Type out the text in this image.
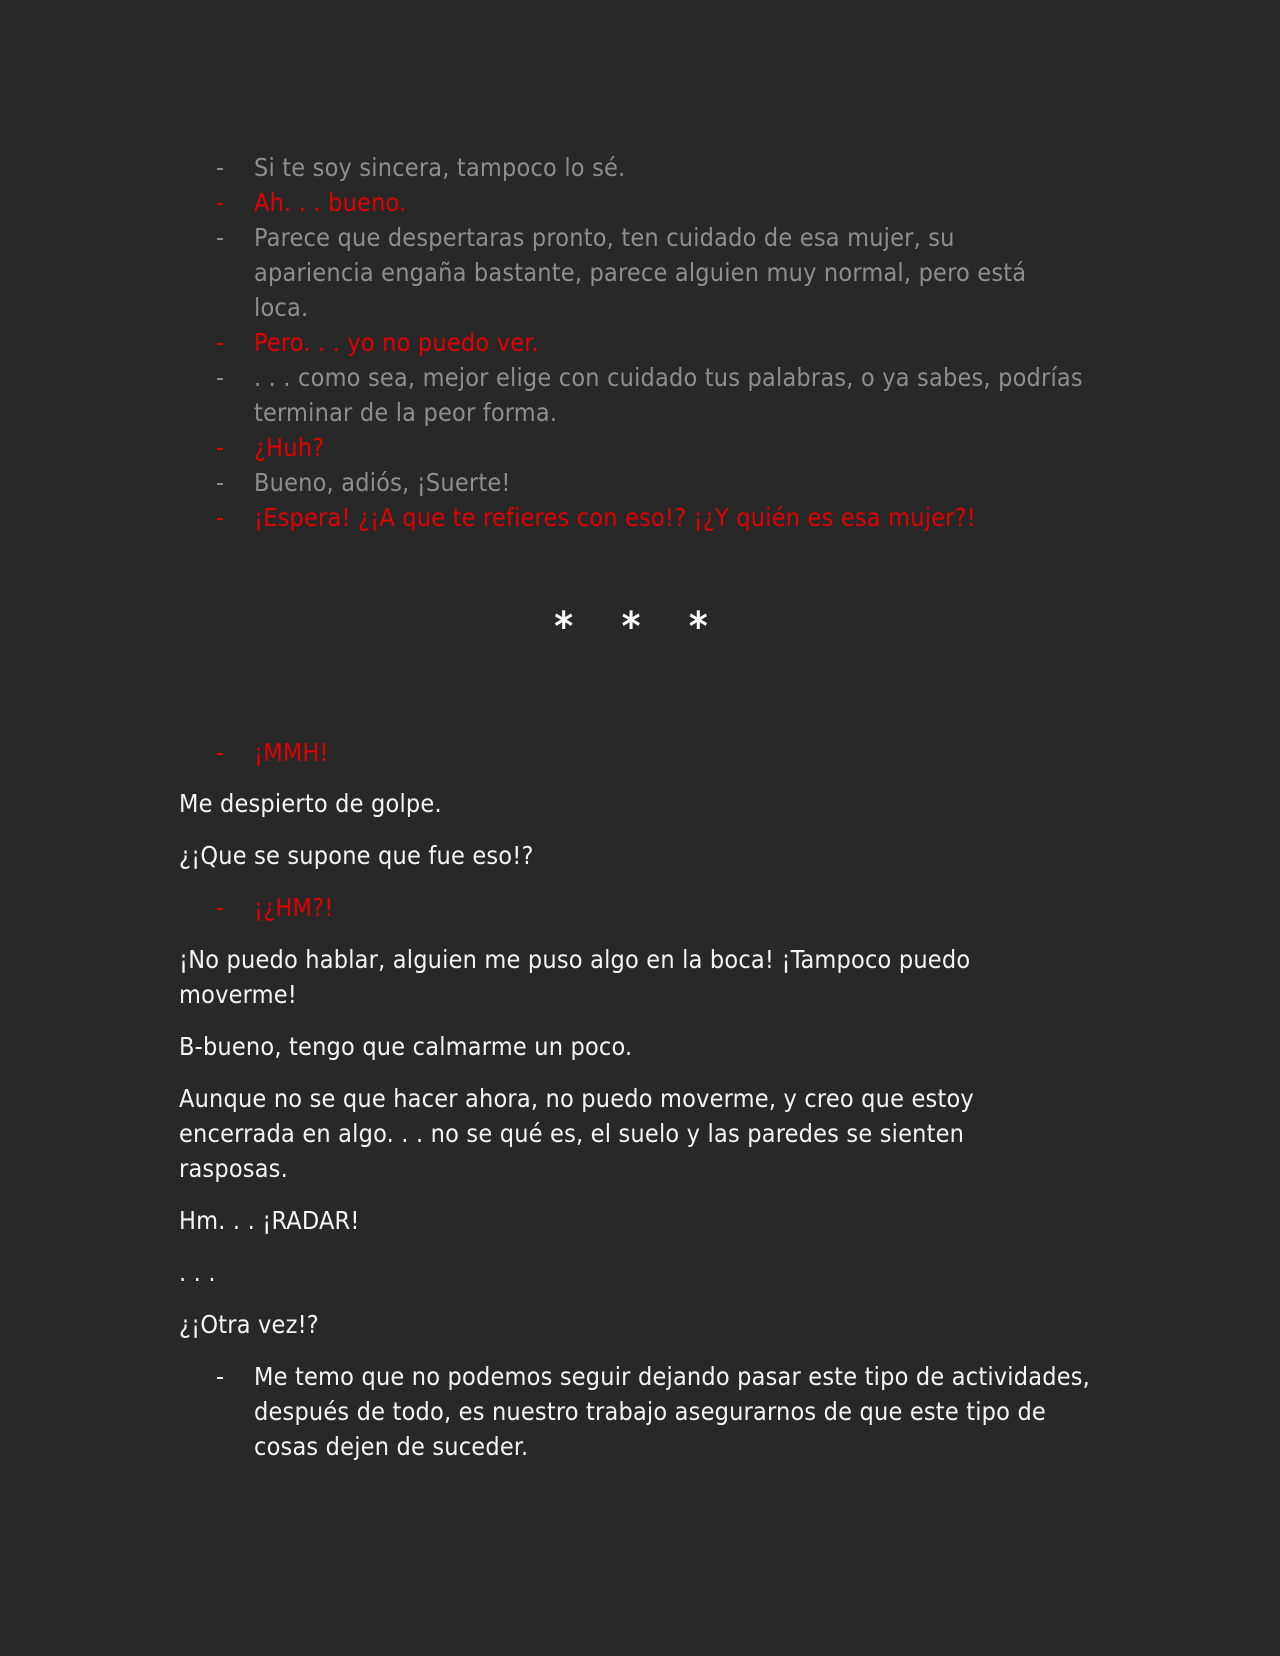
- Si te soy sincera, tampoco lo sé.
- Ah. . . bueno.
- Parece que despertaras pronto, ten cuidado de esa mujer, su apariencia engaña bastante, parece alguien muy normal, pero está loca.
- Pero. . . yo no puedo ver.
- . . . como sea, mejor elige con cuidado tus palabras, o ya sabes, podrías terminar de la peor forma.
- ¿Huh?
- Bueno, adiós, ¡Suerte!
- ¡Espera! ¿¡A que te refieres con eso!? ¡¿Y quién es esa mujer?!
* * *
- ¡MMH!
Me despierto de golpe.
¿¡Que se supone que fue eso!?
- ¡¿HM?!
¡No puedo hablar, alguien me puso algo en la boca! ¡Tampoco puedo moverme!
B-bueno, tengo que calmarme un poco.
Aunque no se que hacer ahora, no puedo moverme, y creo que estoy encerrada en algo. . . no se qué es, el suelo y las paredes se sienten rasposas.
Hm. . . ¡RADAR!
. . .
¿¡Otra vez!?
- Me temo que no podemos seguir dejando pasar este tipo de actividades, después de todo, es nuestro trabajo asegurarnos de que este tipo de cosas dejen de suceder.
